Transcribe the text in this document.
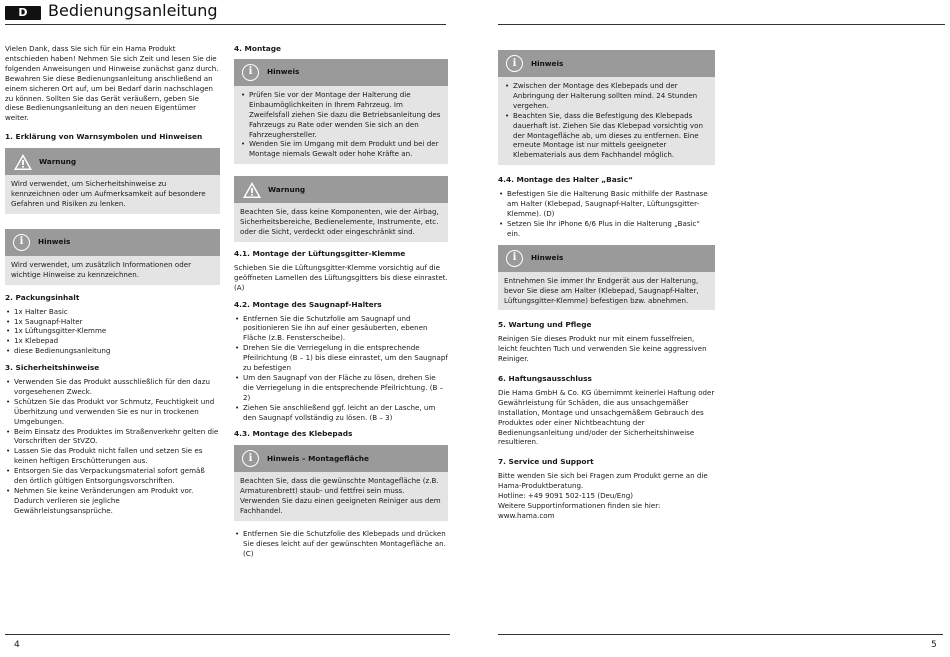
D	Bedienungsanleitung

Vielen Dank, dass Sie sich für ein Hama Produkt entschieden haben! Nehmen Sie sich Zeit und lesen Sie die folgenden Anweisungen und Hinweise zunächst ganz durch. Bewahren Sie diese Bedienungsanleitung anschließend an einem sicheren Ort auf, um bei Bedarf darin nachschlagen zu können. Sollten Sie das Gerät veräußern, geben Sie diese Bedienungsanleitung an den neuen Eigentümer weiter.

1. Erklärung von Warnsymbolen und Hinweisen
Warnung
Wird verwendet, um Sicherheitshinweise zu kennzeichnen oder um Aufmerksamkeit auf besondere Gefahren und Risiken zu lenken.
i	Hinweis
Wird verwendet, um zusätzlich Informationen oder wichtige Hinweise zu kennzeichnen.
2. Packungsinhalt
• 1x Halter Basic
• 1x Saugnapf-Halter
• 1x Lüftungsgitter-Klemme
• 1x Klebepad
• diese Bedienungsanleitung
3. Sicherheitshinweise
• Verwenden Sie das Produkt ausschließlich für den dazu vorgesehenen Zweck.
• Schützen Sie das Produkt vor Schmutz, Feuchtigkeit und Überhitzung und verwenden Sie es nur in trockenen Umgebungen.
• Beim Einsatz des Produktes im Straßenverkehr gelten die Vorschriften der StVZO.
• Lassen Sie das Produkt nicht fallen und setzen Sie es keinen heftigen Erschütterungen aus.
• Entsorgen Sie das Verpackungsmaterial sofort gemäß den örtlich gültigen Entsorgungsvorschriften.
• Nehmen Sie keine Veränderungen am Produkt vor. Dadurch verlieren sie jegliche Gewährleistungsansprüche.
4. Montage
i	Hinweis
• Prüfen Sie vor der Montage der Halterung die Einbaumöglichkeiten in Ihrem Fahrzeug. Im Zweifelsfall ziehen Sie dazu die Betriebsanleitung des Fahrzeugs zu Rate oder wenden Sie sich an den Fahrzeughersteller.
• Wenden Sie im Umgang mit dem Produkt und bei der Montage niemals Gewalt oder hohe Kräfte an.
Warnung
Beachten Sie, dass keine Komponenten, wie der Airbag, Sicherheitsbereiche, Bedienelemente, Instrumente, etc. oder die Sicht, verdeckt oder eingeschränkt sind.
4.1. Montage der Lüftungsgitter-Klemme

Schieben Sie die Lüftungsgitter-Klemme vorsichtig auf die geöffneten Lamellen des Lüftungsgitters bis diese einrastet. (A)

4.2. Montage des Saugnapf-Halters
• Entfernen Sie die Schutzfolie am Saugnapf und positionieren Sie ihn auf einer gesäuberten, ebenen Fläche (z.B. Fensterscheibe).
• Drehen Sie die Verriegelung in die entsprechende Pfeilrichtung (B – 1) bis diese einrastet, um den Saugnapf zu befestigen
• Um den Saugnapf von der Fläche zu lösen, drehen Sie die Verriegelung in die entsprechende Pfeilrichtung. (B – 2)
• Ziehen Sie anschließend ggf. leicht an der Lasche, um den Saugnapf vollständig zu lösen. (B – 3)
4.3. Montage des Klebepads
i	Hinweis – Montagefläche
Beachten Sie, dass die gewünschte Montagefläche (z.B. Armaturenbrett) staub- und fettfrei sein muss. Verwenden Sie dazu einen geeigneten Reiniger aus dem Fachhandel.
• Entfernen Sie die Schutzfolie des Klebepads und drücken Sie dieses leicht auf der gewünschten Montagefläche an. (C)
4
i	Hinweis
• Zwischen der Montage des Klebepads und der Anbringung der Halterung sollten mind. 24 Stunden vergehen.
• Beachten Sie, dass die Befestigung des Klebepads dauerhaft ist. Ziehen Sie das Klebepad vorsichtig von der Montagefläche ab, um dieses zu entfernen. Eine erneute Montage ist nur mittels geeigneter Klebematerials aus dem Fachhandel möglich.
4.4. Montage des Halter „Basic“
• Befestigen Sie die Halterung Basic mithilfe der Rastnase am Halter (Klebepad, Saugnapf-Halter, Lüftungsgitter-Klemme). (D)
• Setzen Sie Ihr iPhone 6/6 Plus in die Halterung „Basic“ ein.
i	Hinweis
Entnehmen Sie immer Ihr Endgerät aus der Halterung, bevor Sie diese am Halter (Klebepad, Saugnapf-Halter, Lüftungsgitter-Klemme) befestigen bzw. abnehmen.
5. Wartung und Pflege

Reinigen Sie dieses Produkt nur mit einem fusselfreien, leicht feuchten Tuch und verwenden Sie keine aggressiven Reiniger.

6. Haftungsausschluss

Die Hama GmbH & Co. KG übernimmt keinerlei Haftung oder Gewährleistung für Schäden, die aus unsachgemäßer Installation, Montage und unsachgemäßem Gebrauch des Produktes oder einer Nichtbeachtung der Bedienungsanleitung und/oder der Sicherheitshinweise resultieren.

7. Service und Support

Bitte wenden Sie sich bei Fragen zum Produkt gerne an die Hama-Produktberatung.

Hotline: +49 9091 502-115 (Deu/Eng)

Weitere Supportinformationen finden sie hier:

www.hama.com

5
